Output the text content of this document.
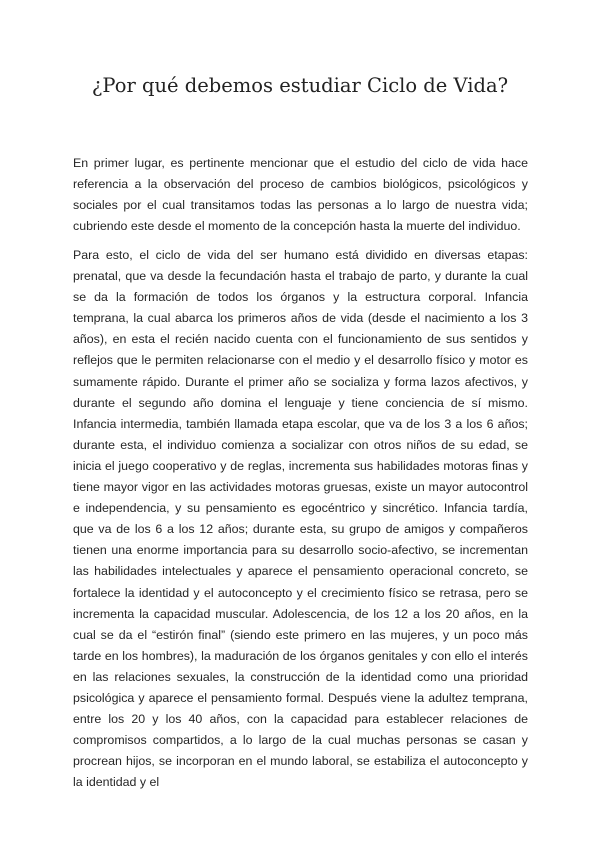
¿Por qué debemos estudiar Ciclo de Vida?

En primer lugar, es pertinente mencionar que el estudio del ciclo de vida hace referencia a la observación del proceso de cambios biológicos, psicológicos y sociales por el cual transitamos todas las personas a lo largo de nuestra vida; cubriendo este desde el momento de la concepción hasta la muerte del individuo.

Para esto, el ciclo de vida del ser humano está dividido en diversas etapas: prenatal, que va desde la fecundación hasta el trabajo de parto, y durante la cual se da la formación de todos los órganos y la estructura corporal. Infancia temprana, la cual abarca los primeros años de vida (desde el nacimiento a los 3 años), en esta el recién nacido cuenta con el funcionamiento de sus sentidos y reflejos que le permiten relacionarse con el medio y el desarrollo físico y motor es sumamente rápido. Durante el primer año se socializa y forma lazos afectivos, y durante el segundo año domina el lenguaje y tiene conciencia de sí mismo. Infancia intermedia, también llamada etapa escolar, que va de los 3 a los 6 años; durante esta, el individuo comienza a socializar con otros niños de su edad, se inicia el juego cooperativo y de reglas, incrementa sus habilidades motoras finas y tiene mayor vigor en las actividades motoras gruesas, existe un mayor autocontrol e independencia, y su pensamiento es egocéntrico y sincrético. Infancia tardía, que va de los 6 a los 12 años; durante esta, su grupo de amigos y compañeros tienen una enorme importancia para su desarrollo socio-afectivo, se incrementan las habilidades intelectuales y aparece el pensamiento operacional concreto, se fortalece la identidad y el autoconcepto y el crecimiento físico se retrasa, pero se incrementa la capacidad muscular. Adolescencia, de los 12 a los 20 años, en la cual se da el “estirón final” (siendo este primero en las mujeres, y un poco más tarde en los hombres), la maduración de los órganos genitales y con ello el interés en las relaciones sexuales, la construcción de la identidad como una prioridad psicológica y aparece el pensamiento formal. Después viene la adultez temprana, entre los 20 y los 40 años, con la capacidad para establecer relaciones de compromisos compartidos, a lo largo de la cual muchas personas se casan y procrean hijos, se incorporan en el mundo laboral, se estabiliza el autoconcepto y la identidad y el
